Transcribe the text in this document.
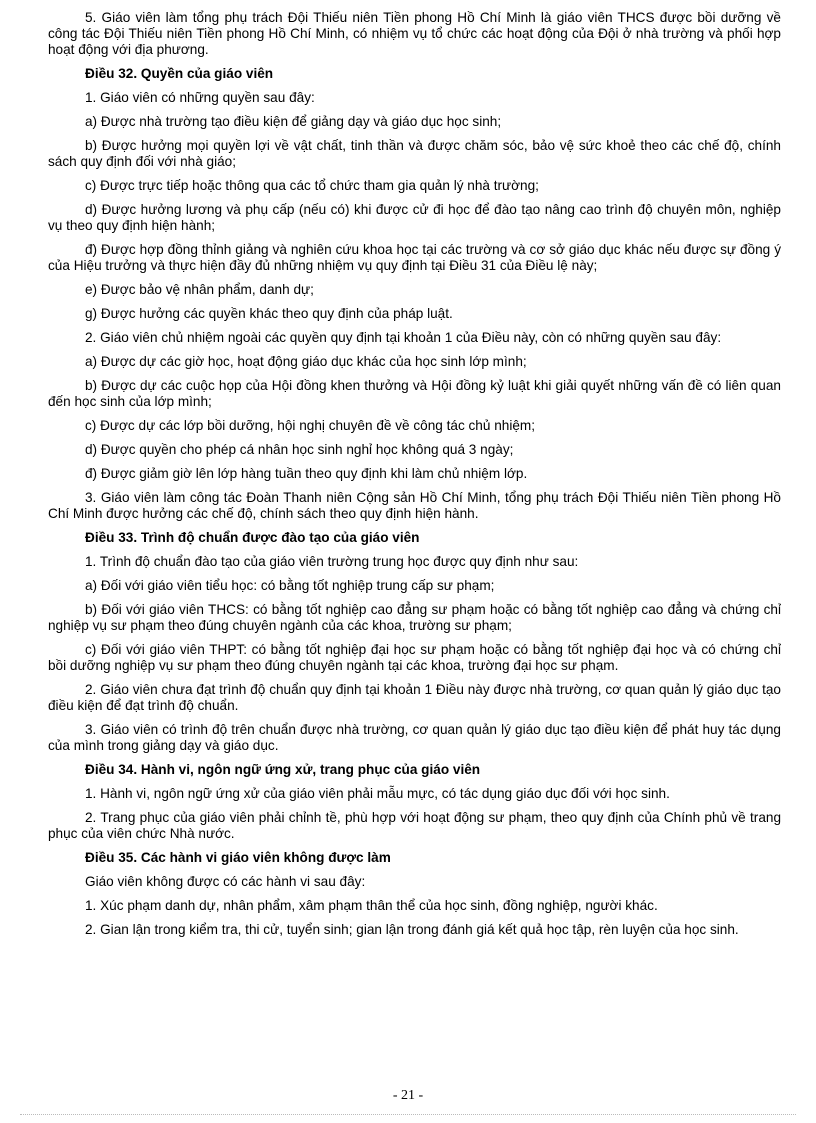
5. Giáo viên làm tổng phụ trách Đội Thiếu niên Tiền phong Hồ Chí Minh là giáo viên THCS được bồi dưỡng về công tác Đội Thiếu niên Tiền phong Hồ Chí Minh, có nhiệm vụ tổ chức các hoạt động của Đội ở nhà trường và phối hợp hoạt động với địa phương.

Điều 32. Quyền của giáo viên

1. Giáo viên có những quyền sau đây:

a) Được nhà trường tạo điều kiện để giảng dạy và giáo dục học sinh;

b) Được hưởng mọi quyền lợi về vật chất, tinh thần và được chăm sóc, bảo vệ sức khoẻ theo các chế độ, chính sách quy định đối với nhà giáo;

c) Được trực tiếp hoặc thông qua các tổ chức tham gia quản lý nhà trường;

d) Được hưởng lương và phụ cấp (nếu có) khi được cử đi học để đào tạo nâng cao trình độ chuyên môn, nghiệp vụ theo quy định hiện hành;

đ) Được hợp đồng thỉnh giảng và nghiên cứu khoa học tại các trường và cơ sở giáo dục khác nếu được sự đồng ý của Hiệu trưởng và thực hiện đầy đủ những nhiệm vụ quy định tại Điều 31 của Điều lệ này;

e) Được bảo vệ nhân phẩm, danh dự;

g) Được hưởng các quyền khác theo quy định của pháp luật.

2. Giáo viên chủ nhiệm ngoài các quyền quy định tại khoản 1 của Điều này, còn có những quyền sau đây:

a) Được dự các giờ học, hoạt động giáo dục khác của học sinh lớp mình;

b) Được dự các cuộc họp của Hội đồng khen thưởng và Hội đồng kỷ luật khi giải quyết những vấn đề có liên quan đến học sinh của lớp mình;

c) Được dự các lớp bồi dưỡng, hội nghị chuyên đề về công tác chủ nhiệm;

d) Được quyền cho phép cá nhân học sinh nghỉ học không quá 3 ngày;

đ) Được giảm giờ lên lớp hàng tuần theo quy định khi làm chủ nhiệm lớp.

3. Giáo viên làm công tác Đoàn Thanh niên Cộng sản Hồ Chí Minh, tổng phụ trách Đội Thiếu niên Tiền phong Hồ Chí Minh được hưởng các chế độ, chính sách theo quy định hiện hành.

Điều 33. Trình độ chuẩn được đào tạo của giáo viên

1. Trình độ chuẩn đào tạo của giáo viên trường trung học được quy định như sau:

a) Đối với giáo viên tiểu học: có bằng tốt nghiệp trung cấp sư phạm;

b) Đối với giáo viên THCS: có bằng tốt nghiệp cao đẳng sư phạm hoặc có bằng tốt nghiệp cao đẳng và chứng chỉ nghiệp vụ sư phạm theo đúng chuyên ngành của các khoa, trường sư phạm;

c) Đối với giáo viên THPT: có bằng tốt nghiệp đại học sư phạm hoặc có bằng tốt nghiệp đại học và có chứng chỉ bồi dưỡng nghiệp vụ sư phạm theo đúng chuyên ngành tại các khoa, trường đại học sư phạm.

2. Giáo viên chưa đạt trình độ chuẩn quy định tại khoản 1 Điều này được nhà trường, cơ quan quản lý giáo dục tạo điều kiện để đạt trình độ chuẩn.

3. Giáo viên có trình độ trên chuẩn được nhà trường, cơ quan quản lý giáo dục tạo điều kiện để phát huy tác dụng của mình trong giảng dạy và giáo dục.

Điều 34. Hành vi, ngôn ngữ ứng xử, trang phục của giáo viên

1. Hành vi, ngôn ngữ ứng xử của giáo viên phải mẫu mực, có tác dụng giáo dục đối với học sinh.

2. Trang phục của giáo viên phải chỉnh tề, phù hợp với hoạt động sư phạm, theo quy định của Chính phủ về trang phục của viên chức Nhà nước.

Điều 35. Các hành vi giáo viên không được làm

Giáo viên không được có các hành vi sau đây:

1. Xúc phạm danh dự, nhân phẩm, xâm phạm thân thể của học sinh, đồng nghiệp, người khác.

2. Gian lận trong kiểm tra, thi cử, tuyển sinh; gian lận trong đánh giá kết quả học tập, rèn luyện của học sinh.

- 21 -
